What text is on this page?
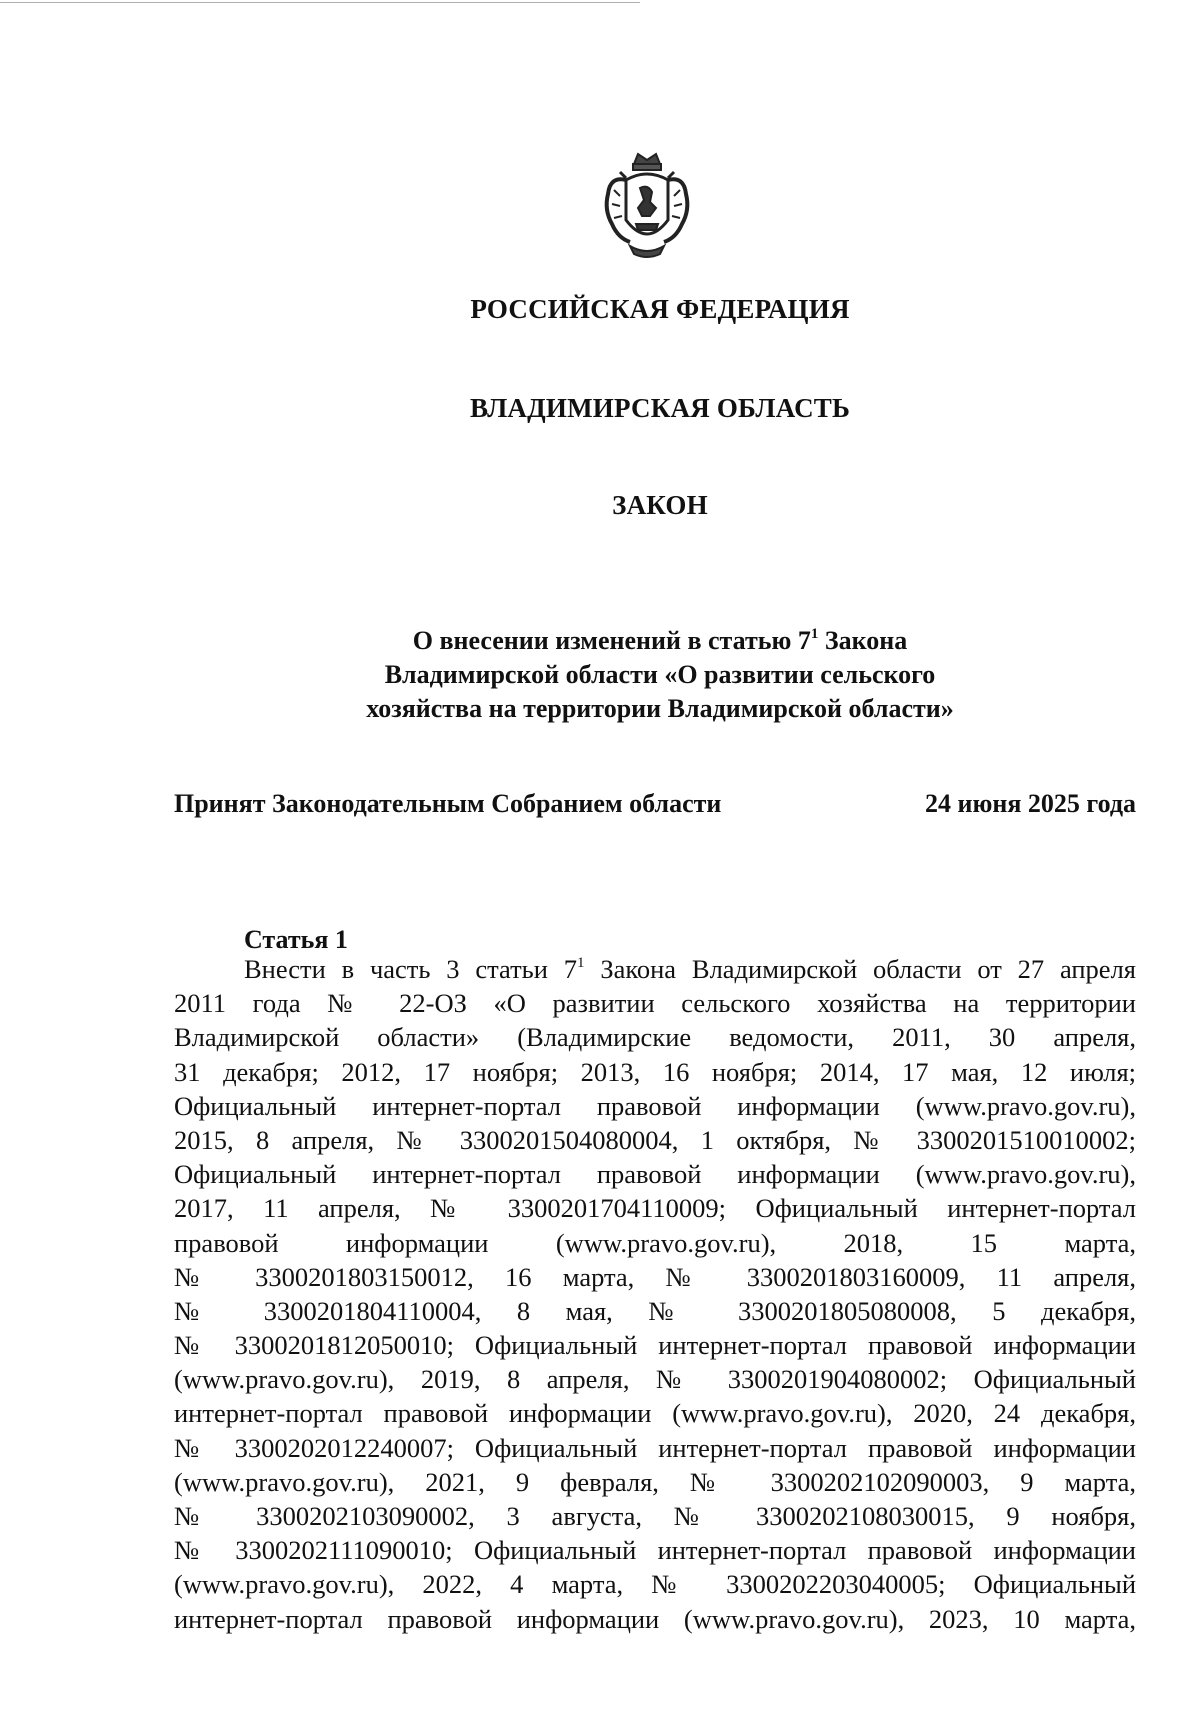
РОССИЙСКАЯ ФЕДЕРАЦИЯ
ВЛАДИМИРСКАЯ ОБЛАСТЬ
ЗАКОН
О внесении изменений в статью $7^1$ Закона
Владимирской области «О развитии сельского
хозяйства на территории Владимирской области»
Принят Законодательным Собранием области	24 июня 2025 года
Статья 1
Внести в часть 3 статьи $7^1$ Закона Владимирской области от 27 апреля
2011 года № 22-ОЗ «О развитии сельского хозяйства на территории
Владимирской области» (Владимирские ведомости, 2011, 30 апреля,
31 декабря; 2012, 17 ноября; 2013, 16 ноября; 2014, 17 мая, 12 июля;
Официальный интернет-портал правовой информации (www.pravo.gov.ru),
2015, 8 апреля, № 3300201504080004, 1 октября, № 3300201510010002;
Официальный интернет-портал правовой информации (www.pravo.gov.ru),
2017, 11 апреля, № 3300201704110009; Официальный интернет-портал
правовой информации (www.pravo.gov.ru), 2018, 15 марта,
№ 3300201803150012, 16 марта, № 3300201803160009, 11 апреля,
№ 3300201804110004, 8 мая, № 3300201805080008, 5 декабря,
№ 3300201812050010; Официальный интернет-портал правовой информации
(www.pravo.gov.ru), 2019, 8 апреля, № 3300201904080002; Официальный
интернет-портал правовой информации (www.pravo.gov.ru), 2020, 24 декабря,
№ 3300202012240007; Официальный интернет-портал правовой информации
(www.pravo.gov.ru), 2021, 9 февраля, № 3300202102090003, 9 марта,
№ 3300202103090002, 3 августа, № 3300202108030015, 9 ноября,
№ 3300202111090010; Официальный интернет-портал правовой информации
(www.pravo.gov.ru), 2022, 4 марта, № 3300202203040005; Официальный
интернет-портал правовой информации (www.pravo.gov.ru), 2023, 10 марта,
